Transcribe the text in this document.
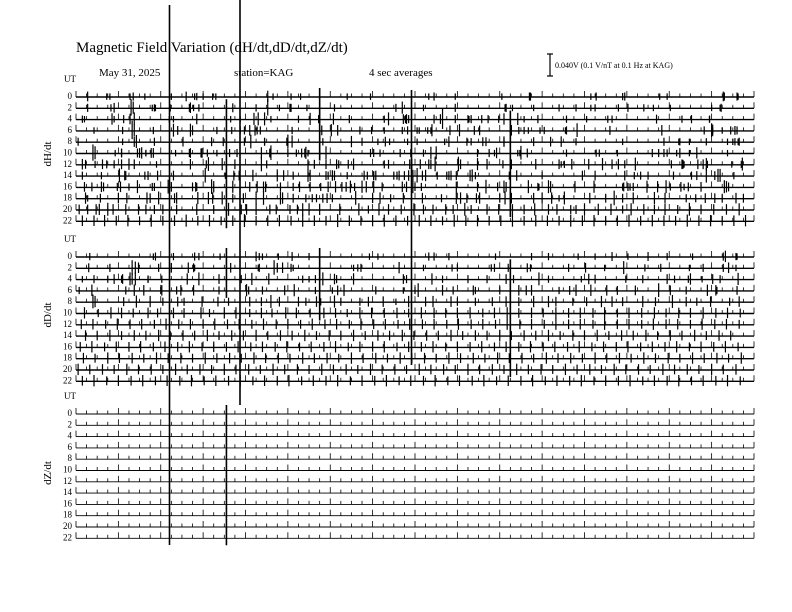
Magnetic Field Variation (dH/dt,dD/dt,dZ/dt)
May 31, 2025	station=KAG	4 sec averages
0.040V (0.1 V/nT at 0.1 Hz at KAG)
UT
dH/dt
0
2
4
6
8
10
12
14
16
18
20
22
UT
dD/dt
0
2
4
6
8
10
12
14
16
18
20
22
UT
dZ/dt
0
2
4
6
8
10
12
14
16
18
20
22
